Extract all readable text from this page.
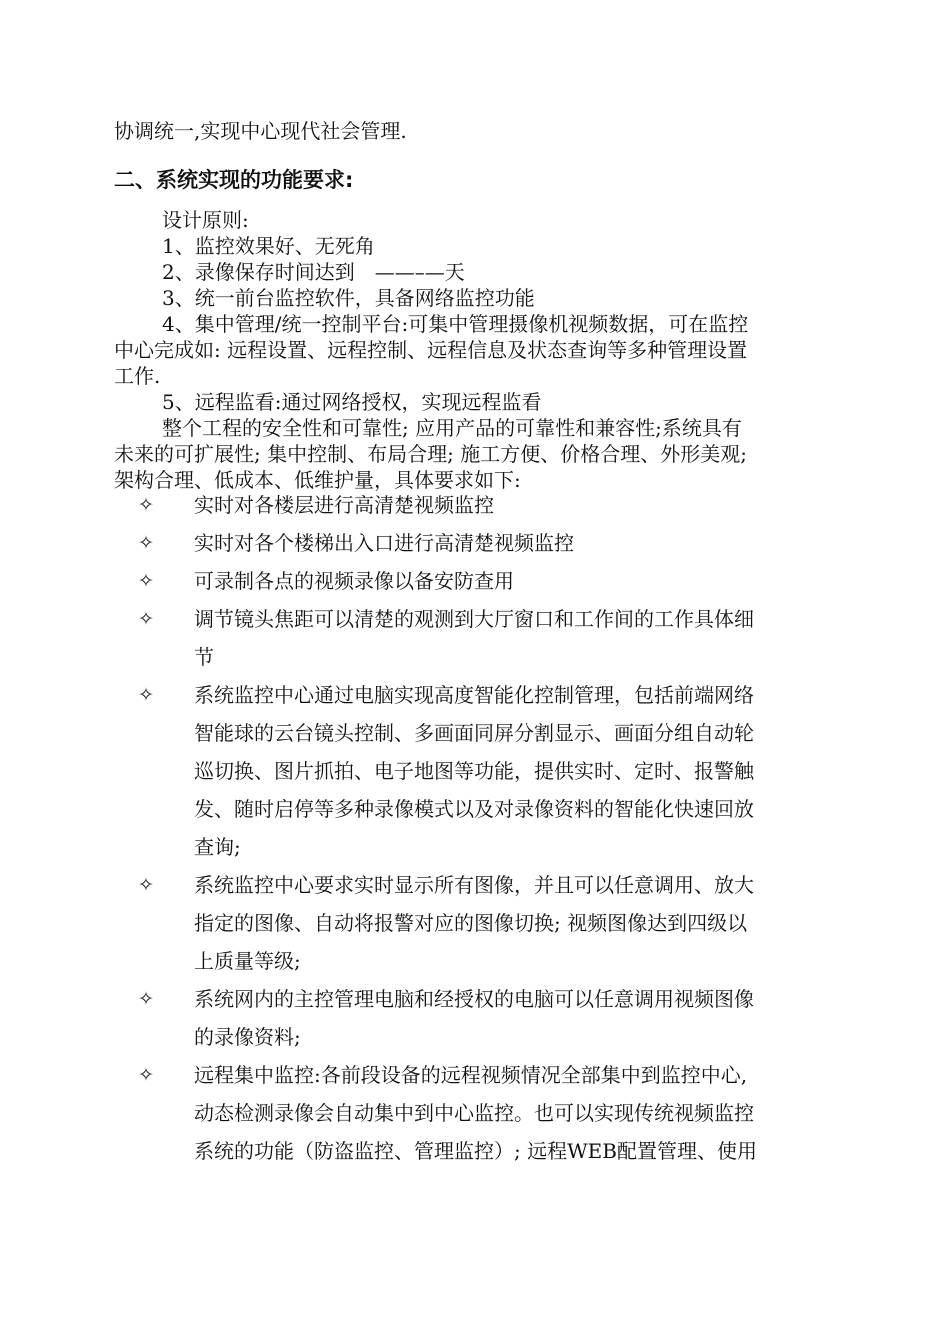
协调统一,实现中心现代社会管理.

二、系统实现的功能要求:

设计原则:

1、监控效果好、无死角

2、录像保存时间达到　——–—天

3、统一前台监控软件，具备网络监控功能

4、集中管理/统一控制平台:可集中管理摄像机视频数据，可在监控

中心完成如: 远程设置、远程控制、远程信息及状态查询等多种管理设置

工作.

5、远程监看:通过网络授权，实现远程监看

整个工程的安全性和可靠性; 应用产品的可靠性和兼容性;系统具有

未来的可扩展性; 集中控制、布局合理; 施工方便、价格合理、外形美观;

架构合理、低成本、低维护量，具体要求如下:

✧ 实时对各楼层进行高清楚视频监控
✧ 实时对各个楼梯出入口进行高清楚视频监控
✧ 可录制各点的视频录像以备安防查用
✧ 调节镜头焦距可以清楚的观测到大厅窗口和工作间的工作具体细
节
✧ 系统监控中心通过电脑实现高度智能化控制管理，包括前端网络
智能球的云台镜头控制、多画面同屏分割显示、画面分组自动轮
巡切换、图片抓拍、电子地图等功能，提供实时、定时、报警触
发、随时启停等多种录像模式以及对录像资料的智能化快速回放
查询;
✧ 系统监控中心要求实时显示所有图像，并且可以任意调用、放大
指定的图像、自动将报警对应的图像切换; 视频图像达到四级以
上质量等级;
✧ 系统网内的主控管理电脑和经授权的电脑可以任意调用视频图像
的录像资料;
✧ 远程集中监控:各前段设备的远程视频情况全部集中到监控中心,
动态检测录像会自动集中到中心监控。也可以实现传统视频监控
系统的功能（防盗监控、管理监控）; 远程WEB配置管理、使用
